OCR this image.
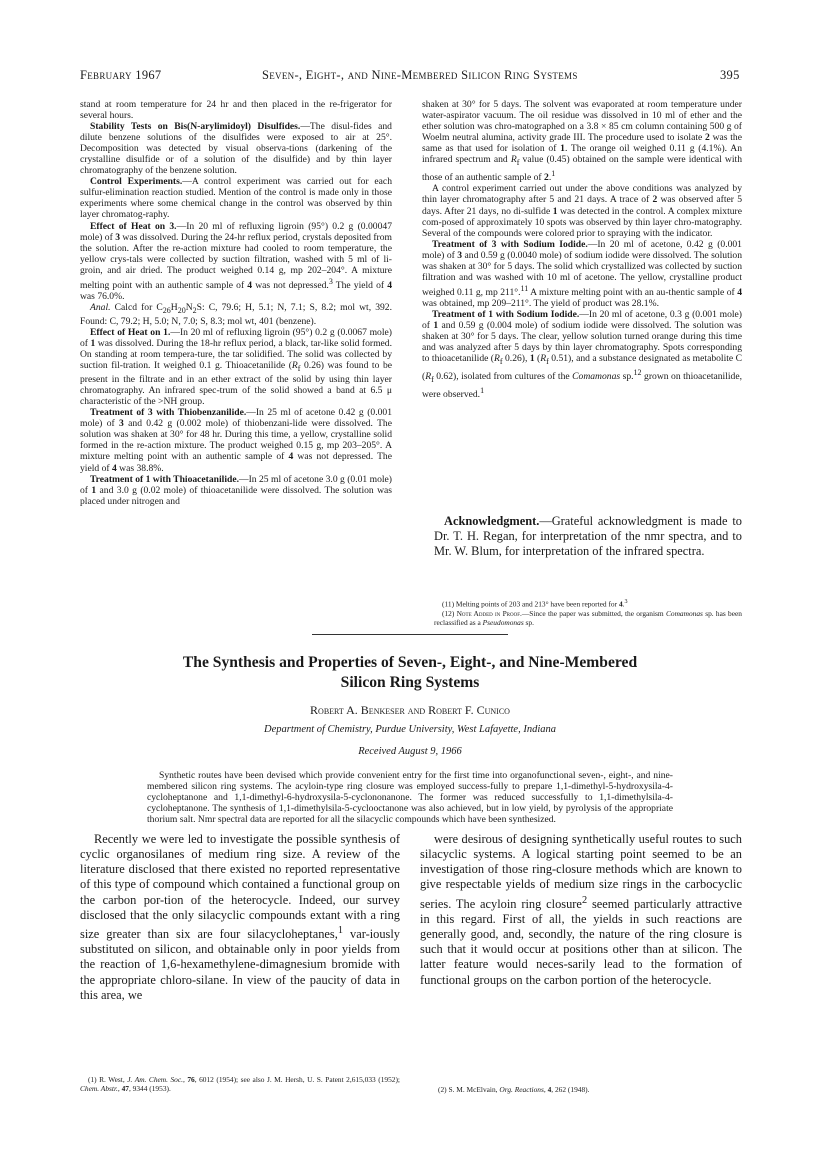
February 1967	Seven-, Eight-, and Nine-Membered Silicon Ring Systems	395

stand at room temperature for 24 hr and then placed in the re-frigerator for several hours.

Stability Tests on Bis(N-arylimidoyl) Disulfides.—The disul-fides and dilute benzene solutions of the disulfides were exposed to air at 25°. Decomposition was detected by visual observa-tions (darkening of the crystalline disulfide or of a solution of the disulfide) and by thin layer chromatography of the benzene solution.

Control Experiments.—A control experiment was carried out for each sulfur-elimination reaction studied. Mention of the control is made only in those experiments where some chemical change in the control was observed by thin layer chromatog-raphy.

Effect of Heat on 3.—In 20 ml of refluxing ligroin (95°) 0.2 g (0.00047 mole) of 3 was dissolved. During the 24-hr reflux period, crystals deposited from the solution. After the re-action mixture had cooled to room temperature, the yellow crys-tals were collected by suction filtration, washed with 5 ml of li-groin, and air dried. The product weighed 0.14 g, mp 202–204°. A mixture melting point with an authentic sample of 4 was not depressed.$^3$ The yield of 4 was 76.0%.

Anal. Calcd for $C_{26}H_{20}N_2S$: C, 79.6; H, 5.1; N, 7.1; S, 8.2; mol wt, 392. Found: C, 79.2; H, 5.0; N, 7.0; S, 8.3; mol wt, 401 (benzene).

Effect of Heat on 1.—In 20 ml of refluxing ligroin (95°) 0.2 g (0.0067 mole) of 1 was dissolved. During the 18-hr reflux period, a black, tar-like solid formed. On standing at room tempera-ture, the tar solidified. The solid was collected by suction fil-tration. It weighed 0.1 g. Thioacetanilide ($R_f$ 0.26) was found to be present in the filtrate and in an ether extract of the solid by using thin layer chromatography. An infrared spec-trum of the solid showed a band at 6.5 μ characteristic of the >NH group.

Treatment of 3 with Thiobenzanilide.—In 25 ml of acetone 0.42 g (0.001 mole) of 3 and 0.42 g (0.002 mole) of thiobenzani-lide were dissolved. The solution was shaken at 30° for 48 hr. During this time, a yellow, crystalline solid formed in the re-action mixture. The product weighed 0.15 g, mp 203–205°. A mixture melting point with an authentic sample of 4 was not depressed. The yield of 4 was 38.8%.

Treatment of 1 with Thioacetanilide.—In 25 ml of acetone 3.0 g (0.01 mole) of 1 and 3.0 g (0.02 mole) of thioacetanilide were dissolved. The solution was placed under nitrogen and

shaken at 30° for 5 days. The solvent was evaporated at room temperature under water-aspirator vacuum. The oil residue was dissolved in 10 ml of ether and the ether solution was chro-matographed on a 3.8 × 85 cm column containing 500 g of Woelm neutral alumina, activity grade III. The procedure used to isolate 2 was the same as that used for isolation of 1. The orange oil weighed 0.11 g (4.1%). An infrared spectrum and $R_f$ value (0.45) obtained on the sample were identical with those of an authentic sample of 2.$^1$

A control experiment carried out under the above conditions was analyzed by thin layer chromatography after 5 and 21 days. A trace of 2 was observed after 5 days. After 21 days, no di-sulfide 1 was detected in the control. A complex mixture com-posed of approximately 10 spots was observed by thin layer chro-matography. Several of the compounds were colored prior to spraying with the indicator.

Treatment of 3 with Sodium Iodide.—In 20 ml of acetone, 0.42 g (0.001 mole) of 3 and 0.59 g (0.0040 mole) of sodium iodide were dissolved. The solution was shaken at 30° for 5 days. The solid which crystallized was collected by suction filtration and was washed with 10 ml of acetone. The yellow, crystalline product weighed 0.11 g, mp 211°.$^{11}$ A mixture melting point with an au-thentic sample of 4 was obtained, mp 209–211°. The yield of product was 28.1%.

Treatment of 1 with Sodium Iodide.—In 20 ml of acetone, 0.3 g (0.001 mole) of 1 and 0.59 g (0.004 mole) of sodium iodide were dissolved. The solution was shaken at 30° for 5 days. The clear, yellow solution turned orange during this time and was analyzed after 5 days by thin layer chromatography. Spots corresponding to thioacetanilide ($R_f$ 0.26), 1 ($R_f$ 0.51), and a substance designated as metabolite C ($R_f$ 0.62), isolated from cultures of the Comamonas sp.$^{12}$ grown on thioacetanilide, were observed.$^1$

Acknowledgment.—Grateful acknowledgment is made to Dr. T. H. Regan, for interpretation of the nmr spectra, and to Mr. W. Blum, for interpretation of the infrared spectra.

(11) Melting points of 203 and 213° have been reported for 4.$^3$

(12) Note Added in Proof.—Since the paper was submitted, the organism Comamonas sp. has been reclassified as a Pseudomonas sp.

The Synthesis and Properties of Seven-, Eight-, and Nine-Membered
Silicon Ring Systems
Robert A. Benkeser and Robert F. Cunico
Department of Chemistry, Purdue University, West Lafayette, Indiana
Received August 9, 1966

Synthetic routes have been devised which provide convenient entry for the first time into organofunctional seven-, eight-, and nine-membered silicon ring systems. The acyloin-type ring closure was employed success-fully to prepare 1,1-dimethyl-5-hydroxysila-4-cycloheptanone and 1,1-dimethyl-6-hydroxysila-5-cyclononanone. The former was reduced successfully to 1,1-dimethylsila-4-cycloheptanone. The synthesis of 1,1-dimethylsila-5-cyclooctanone was also achieved, but in low yield, by pyrolysis of the appropriate thorium salt. Nmr spectral data are reported for all the silacyclic compounds which have been synthesized.

Recently we were led to investigate the possible synthesis of cyclic organosilanes of medium ring size. A review of the literature disclosed that there existed no reported representative of this type of compound which contained a functional group on the carbon por-tion of the heterocycle. Indeed, our survey disclosed that the only silacyclic compounds extant with a ring size greater than six are four silacycloheptanes,$^1$ var-iously substituted on silicon, and obtainable only in poor yields from the reaction of 1,6-hexamethylene-dimagnesium bromide with the appropriate chloro-silane. In view of the paucity of data in this area, we

were desirous of designing synthetically useful routes to such silacyclic systems. A logical starting point seemed to be an investigation of those ring-closure methods which are known to give respectable yields of medium size rings in the carbocyclic series. The acyloin ring closure$^2$ seemed particularly attractive in this regard. First of all, the yields in such reactions are generally good, and, secondly, the nature of the ring closure is such that it would occur at positions other than at silicon. The latter feature would neces-sarily lead to the formation of functional groups on the carbon portion of the heterocycle.

(1) R. West, J. Am. Chem. Soc., 76, 6012 (1954); see also J. M. Hersh, U. S. Patent 2,615,033 (1952); Chem. Abstr., 47, 9344 (1953).	(2) S. M. McElvain, Org. Reactions, 4, 262 (1948).
